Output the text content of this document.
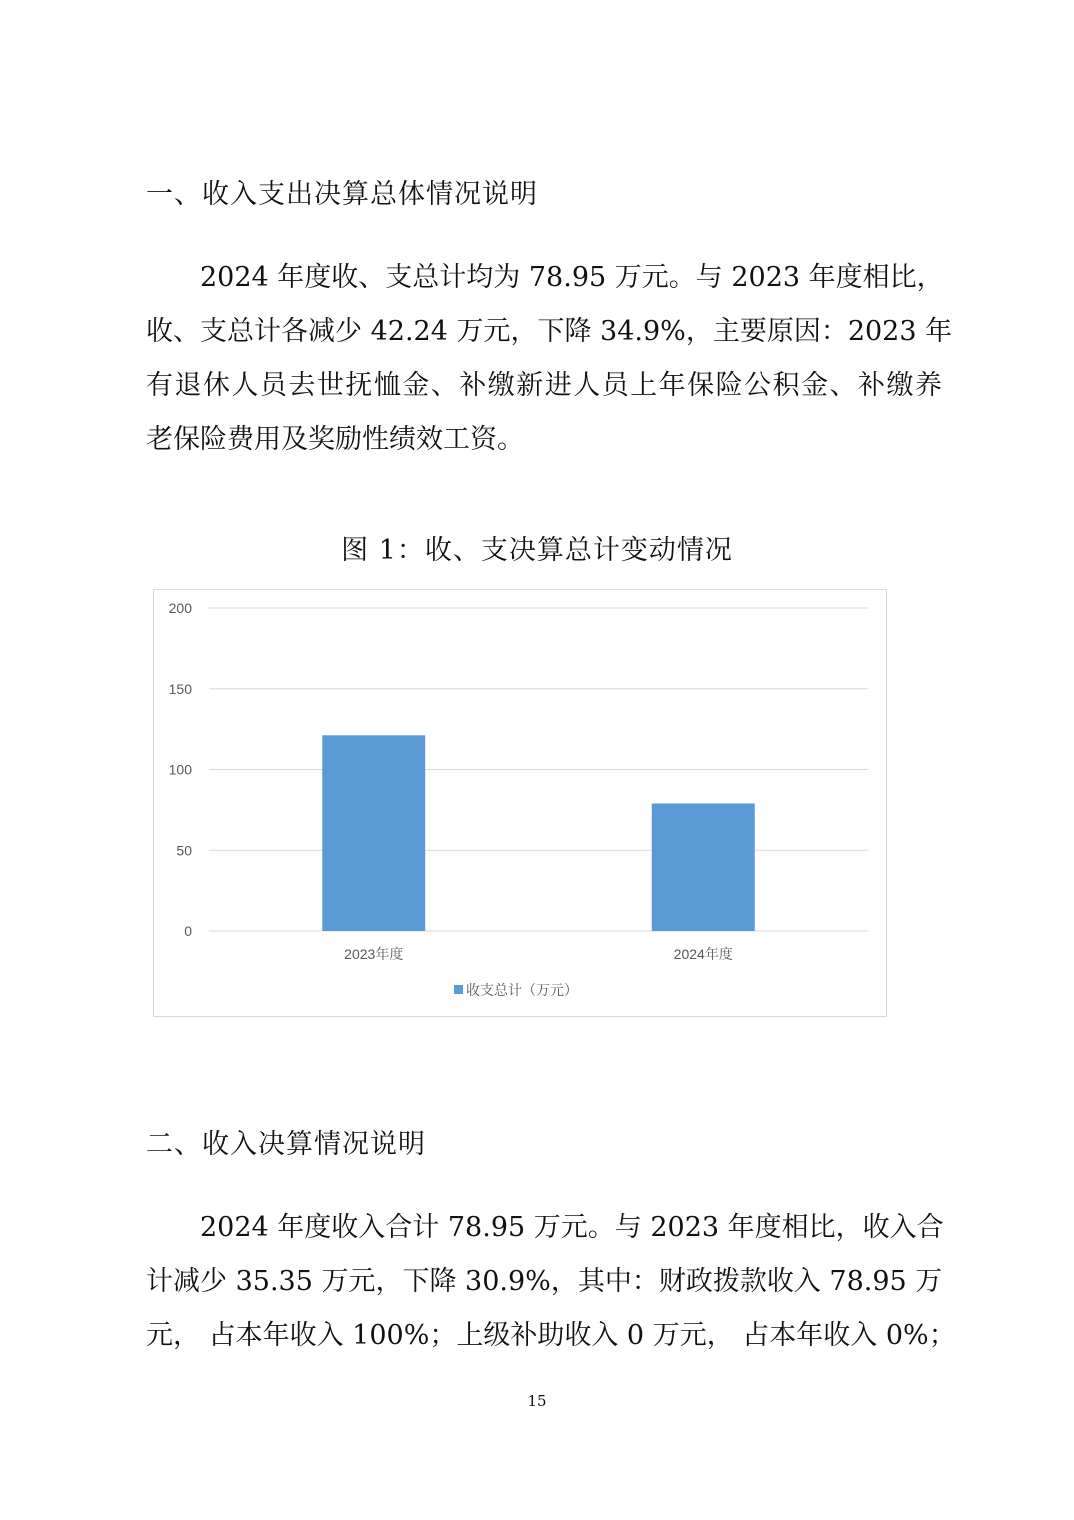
一、收入支出决算总体情况说明

　　2024 年度收、支总计均为 78.95 万元。与 2023 年度相比，

收、支总计各减少 42.24 万元，下降 34.9%，主要原因：2023 年

有退休人员去世抚恤金、补缴新进人员上年保险公积金、补缴养

老保险费用及奖励性绩效工资。

图 1：收、支决算总计变动情况
0
50
100
150
200
2023年度	2024年度
收支总计（万元）
二、收入决算情况说明

　　2024 年度收入合计 78.95 万元。与 2023 年度相比，收入合

计减少 35.35 万元，下降 30.9%，其中：财政拨款收入 78.95 万

元， 占本年收入 100%；上级补助收入 0 万元， 占本年收入 0%；

15
